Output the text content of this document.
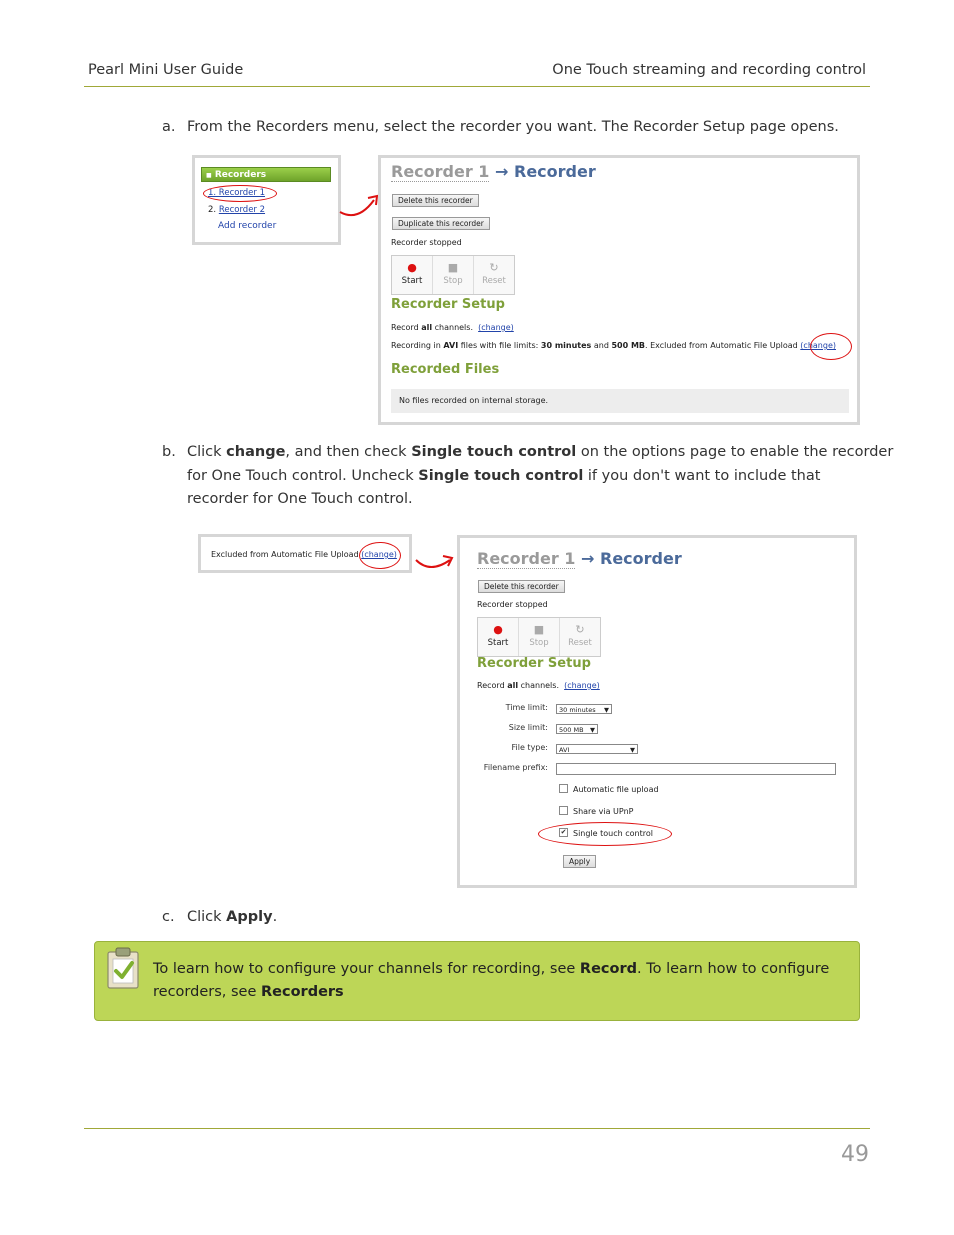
Pearl Mini User Guide	One Touch streaming and recording control
a. From the Recorders menu, select the recorder you want. The Recorder Setup page opens.
■ Recorders
1. Recorder 1
2. Recorder 2
Add recorder
Recorder 1 → Recorder
Delete this recorder
Duplicate this recorder
Recorder stopped
●
Start
■
Stop
↻
Reset
Recorder Setup
Record all channels. (change)
Recording in AVI files with file limits: 30 minutes and 500 MB. Excluded from Automatic File Upload (change)
Recorded Files
No files recorded on internal storage.
b. Click change, and then check Single touch control on the options page to enable the recorder
for One Touch control. Uncheck Single touch control if you don't want to include that
recorder for One Touch control.
Excluded from Automatic File Upload (change)	Recorder 1 → Recorder
Delete this recorder
Recorder stopped
●
Start
■
Stop
↻
Reset
Recorder Setup
Record all channels. (change)
Time limit:	30 minutes ▼
Size limit:	500 MB ▼
File type:	AVI	▼
Filename prefix:
Automatic file upload
Share via UPnP
✔ Single touch control
Apply
c. Click Apply.
To learn how to configure your channels for recording, see Record. To learn how to configure
recorders, see Recorders
49
